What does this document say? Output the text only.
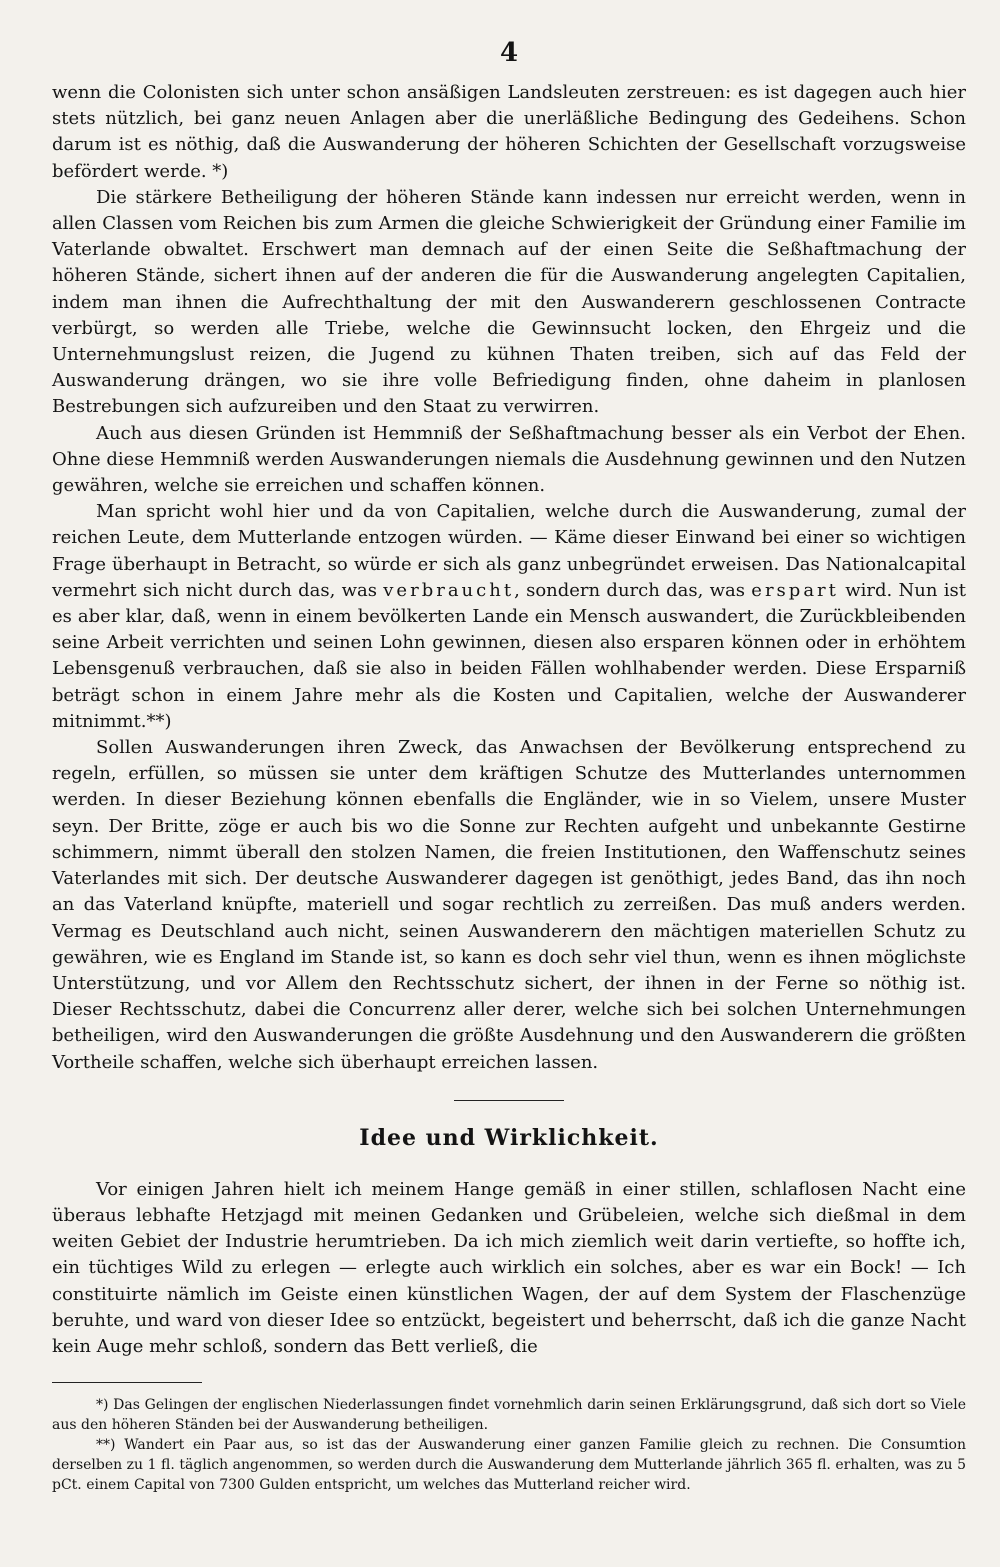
4

wenn die Colonisten sich unter schon ansäßigen Landsleuten zerstreuen: es ist dagegen auch hier stets nützlich, bei ganz neuen Anlagen aber die unerläßliche Bedingung des Gedeihens. Schon darum ist es nöthig, daß die Auswanderung der höheren Schichten der Gesellschaft vorzugsweise befördert werde. *)

Die stärkere Betheiligung der höheren Stände kann indessen nur erreicht werden, wenn in allen Classen vom Reichen bis zum Armen die gleiche Schwierigkeit der Gründung einer Familie im Vaterlande obwaltet. Erschwert man demnach auf der einen Seite die Seßhaftmachung der höheren Stände, sichert ihnen auf der anderen die für die Auswanderung angelegten Capitalien, indem man ihnen die Aufrechthaltung der mit den Auswanderern geschlossenen Contracte verbürgt, so werden alle Triebe, welche die Gewinnsucht locken, den Ehrgeiz und die Unternehmungslust reizen, die Jugend zu kühnen Thaten treiben, sich auf das Feld der Auswanderung drängen, wo sie ihre volle Befriedigung finden, ohne daheim in planlosen Bestrebungen sich aufzureiben und den Staat zu verwirren.

Auch aus diesen Gründen ist Hemmniß der Seßhaftmachung besser als ein Verbot der Ehen. Ohne diese Hemmniß werden Auswanderungen niemals die Ausdehnung gewinnen und den Nutzen gewähren, welche sie erreichen und schaffen können.

Man spricht wohl hier und da von Capitalien, welche durch die Auswanderung, zumal der reichen Leute, dem Mutterlande entzogen würden. — Käme dieser Einwand bei einer so wichtigen Frage überhaupt in Betracht, so würde er sich als ganz unbegründet erweisen. Das Nationalcapital vermehrt sich nicht durch das, was verbraucht, sondern durch das, was erspart wird. Nun ist es aber klar, daß, wenn in einem bevölkerten Lande ein Mensch auswandert, die Zurückbleibenden seine Arbeit verrichten und seinen Lohn gewinnen, diesen also ersparen können oder in erhöhtem Lebensgenuß verbrauchen, daß sie also in beiden Fällen wohlhabender werden. Diese Ersparniß beträgt schon in einem Jahre mehr als die Kosten und Capitalien, welche der Auswanderer mitnimmt.**)

Sollen Auswanderungen ihren Zweck, das Anwachsen der Bevölkerung entsprechend zu regeln, erfüllen, so müssen sie unter dem kräftigen Schutze des Mutterlandes unternommen werden. In dieser Beziehung können ebenfalls die Engländer, wie in so Vielem, unsere Muster seyn. Der Britte, zöge er auch bis wo die Sonne zur Rechten aufgeht und unbekannte Gestirne schimmern, nimmt überall den stolzen Namen, die freien Institutionen, den Waffenschutz seines Vaterlandes mit sich. Der deutsche Auswanderer dagegen ist genöthigt, jedes Band, das ihn noch an das Vaterland knüpfte, materiell und sogar rechtlich zu zerreißen. Das muß anders werden. Vermag es Deutschland auch nicht, seinen Auswanderern den mächtigen materiellen Schutz zu gewähren, wie es England im Stande ist, so kann es doch sehr viel thun, wenn es ihnen möglichste Unterstützung, und vor Allem den Rechtsschutz sichert, der ihnen in der Ferne so nöthig ist. Dieser Rechtsschutz, dabei die Concurrenz aller derer, welche sich bei solchen Unternehmungen betheiligen, wird den Auswanderungen die größte Ausdehnung und den Auswanderern die größten Vortheile schaffen, welche sich überhaupt erreichen lassen.

Idee und Wirklichkeit.

Vor einigen Jahren hielt ich meinem Hange gemäß in einer stillen, schlaflosen Nacht eine überaus lebhafte Hetzjagd mit meinen Gedanken und Grübeleien, welche sich dießmal in dem weiten Gebiet der Industrie herumtrieben. Da ich mich ziemlich weit darin vertiefte, so hoffte ich, ein tüchtiges Wild zu erlegen — erlegte auch wirklich ein solches, aber es war ein Bock! — Ich constituirte nämlich im Geiste einen künstlichen Wagen, der auf dem System der Flaschenzüge beruhte, und ward von dieser Idee so entzückt, begeistert und beherrscht, daß ich die ganze Nacht kein Auge mehr schloß, sondern das Bett verließ, die

*) Das Gelingen der englischen Niederlassungen findet vornehmlich darin seinen Erklärungsgrund, daß sich dort so Viele aus den höheren Ständen bei der Auswanderung betheiligen.

**) Wandert ein Paar aus, so ist das der Auswanderung einer ganzen Familie gleich zu rechnen. Die Consumtion derselben zu 1 fl. täglich angenommen, so werden durch die Auswanderung dem Mutterlande jährlich 365 fl. erhalten, was zu 5 pCt. einem Capital von 7300 Gulden entspricht, um welches das Mutterland reicher wird.
